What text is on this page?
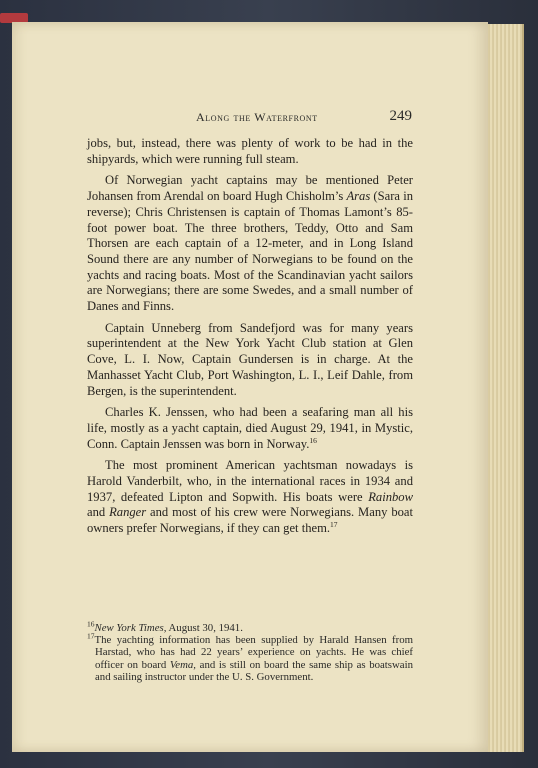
Along the Waterfront	249

jobs, but, instead, there was plenty of work to be had in the shipyards, which were running full steam.

Of Norwegian yacht captains may be mentioned Peter Johansen from Arendal on board Hugh Chisholm’s Aras (Sara in reverse); Chris Christensen is captain of Thomas Lamont’s 85-foot power boat. The three brothers, Teddy, Otto and Sam Thorsen are each captain of a 12-meter, and in Long Island Sound there are any number of Norwegians to be found on the yachts and racing boats. Most of the Scandinavian yacht sailors are Norwegians; there are some Swedes, and a small number of Danes and Finns.

Captain Unneberg from Sandefjord was for many years superintendent at the New York Yacht Club station at Glen Cove, L. I. Now, Captain Gundersen is in charge. At the Manhasset Yacht Club, Port Washington, L. I., Leif Dahle, from Bergen, is the superintendent.

Charles K. Jenssen, who had been a seafaring man all his life, mostly as a yacht captain, died August 29, 1941, in Mystic, Conn. Captain Jenssen was born in Norway.$^{16}$

The most prominent American yachtsman nowadays is Harold Vanderbilt, who, in the international races in 1934 and 1937, defeated Lipton and Sopwith. His boats were Rainbow and Ranger and most of his crew were Norwegians. Many boat owners prefer Norwegians, if they can get them.$^{17}$

$^{16}$New York Times, August 30, 1941.

$^{17}$The yachting information has been supplied by Harald Hansen from Harstad, who has had 22 years’ experience on yachts. He was chief officer on board Vema, and is still on board the same ship as boatswain and sailing instructor under the U. S. Government.
